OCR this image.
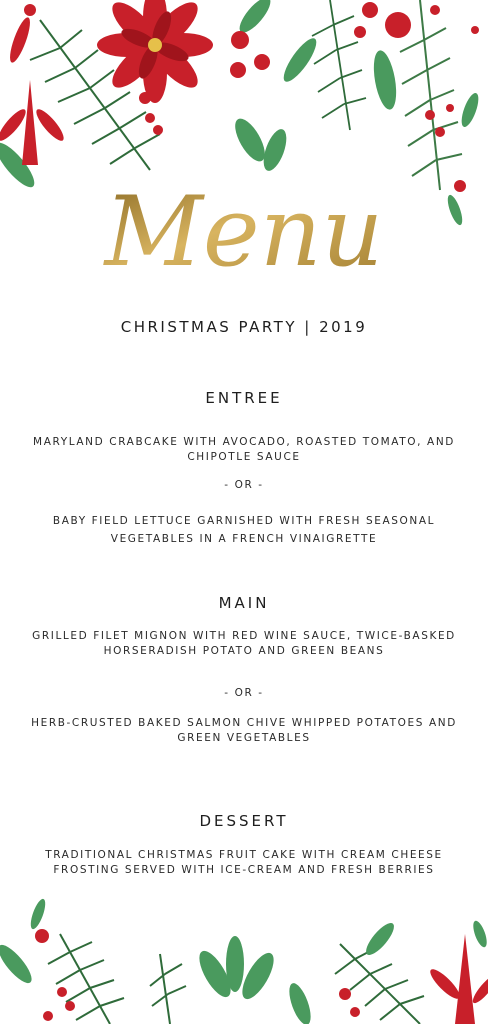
Menu
CHRISTMAS PARTY | 2019
ENTREE
MARYLAND CRABCAKE WITH AVOCADO, ROASTED TOMATO, AND CHIPOTLE SAUCE
- OR -
BABY FIELD LETTUCE GARNISHED WITH FRESH SEASONAL VEGETABLES IN A FRENCH VINAIGRETTE
MAIN
GRILLED FILET MIGNON WITH RED WINE SAUCE, TWICE-BASKED HORSERADISH POTATO AND GREEN BEANS
- OR -
HERB-CRUSTED BAKED SALMON CHIVE WHIPPED POTATOES AND GREEN VEGETABLES
DESSERT
TRADITIONAL CHRISTMAS FRUIT CAKE WITH CREAM CHEESE FROSTING SERVED WITH ICE-CREAM AND FRESH BERRIES
